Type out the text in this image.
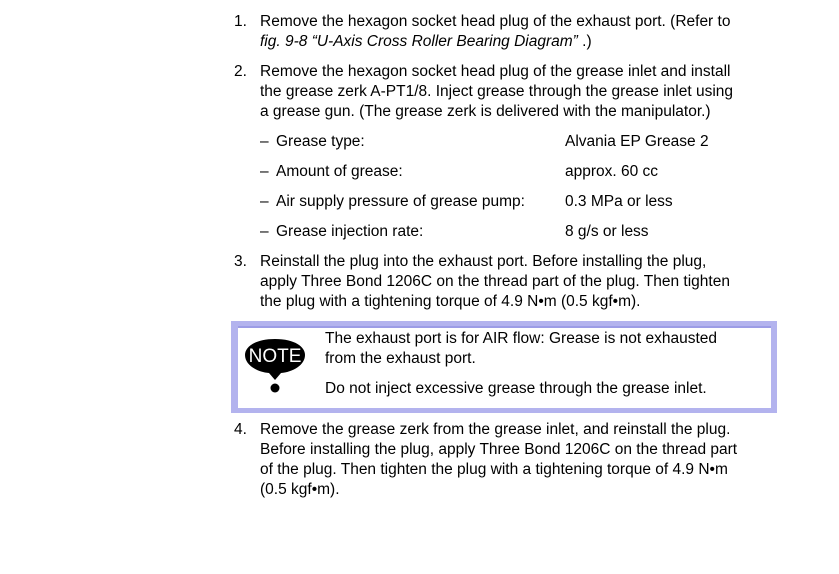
1. Remove the hexagon socket head plug of the exhaust port. (Refer to
fig. 9-8 “U-Axis Cross Roller Bearing Diagram” .)
2. Remove the hexagon socket head plug of the grease inlet and install
the grease zerk A-PT1/8. Inject grease through the grease inlet using
a grease gun. (The grease zerk is delivered with the manipulator.)
– Grease type:	Alvania EP Grease 2
– Amount of grease:	approx. 60 cc
– Air supply pressure of grease pump:	0.3 MPa or less
– Grease injection rate:	8 g/s or less
3. Reinstall the plug into the exhaust port. Before installing the plug,
apply Three Bond 1206C on the thread part of the plug. Then tighten
the plug with a tightening torque of 4.9 N•m (0.5 kgf•m).
NOTE
The exhaust port is for AIR flow: Grease is not exhausted
from the exhaust port.
Do not inject excessive grease through the grease inlet.
4. Remove the grease zerk from the grease inlet, and reinstall the plug.
Before installing the plug, apply Three Bond 1206C on the thread part
of the plug. Then tighten the plug with a tightening torque of 4.9 N•m
(0.5 kgf•m).
